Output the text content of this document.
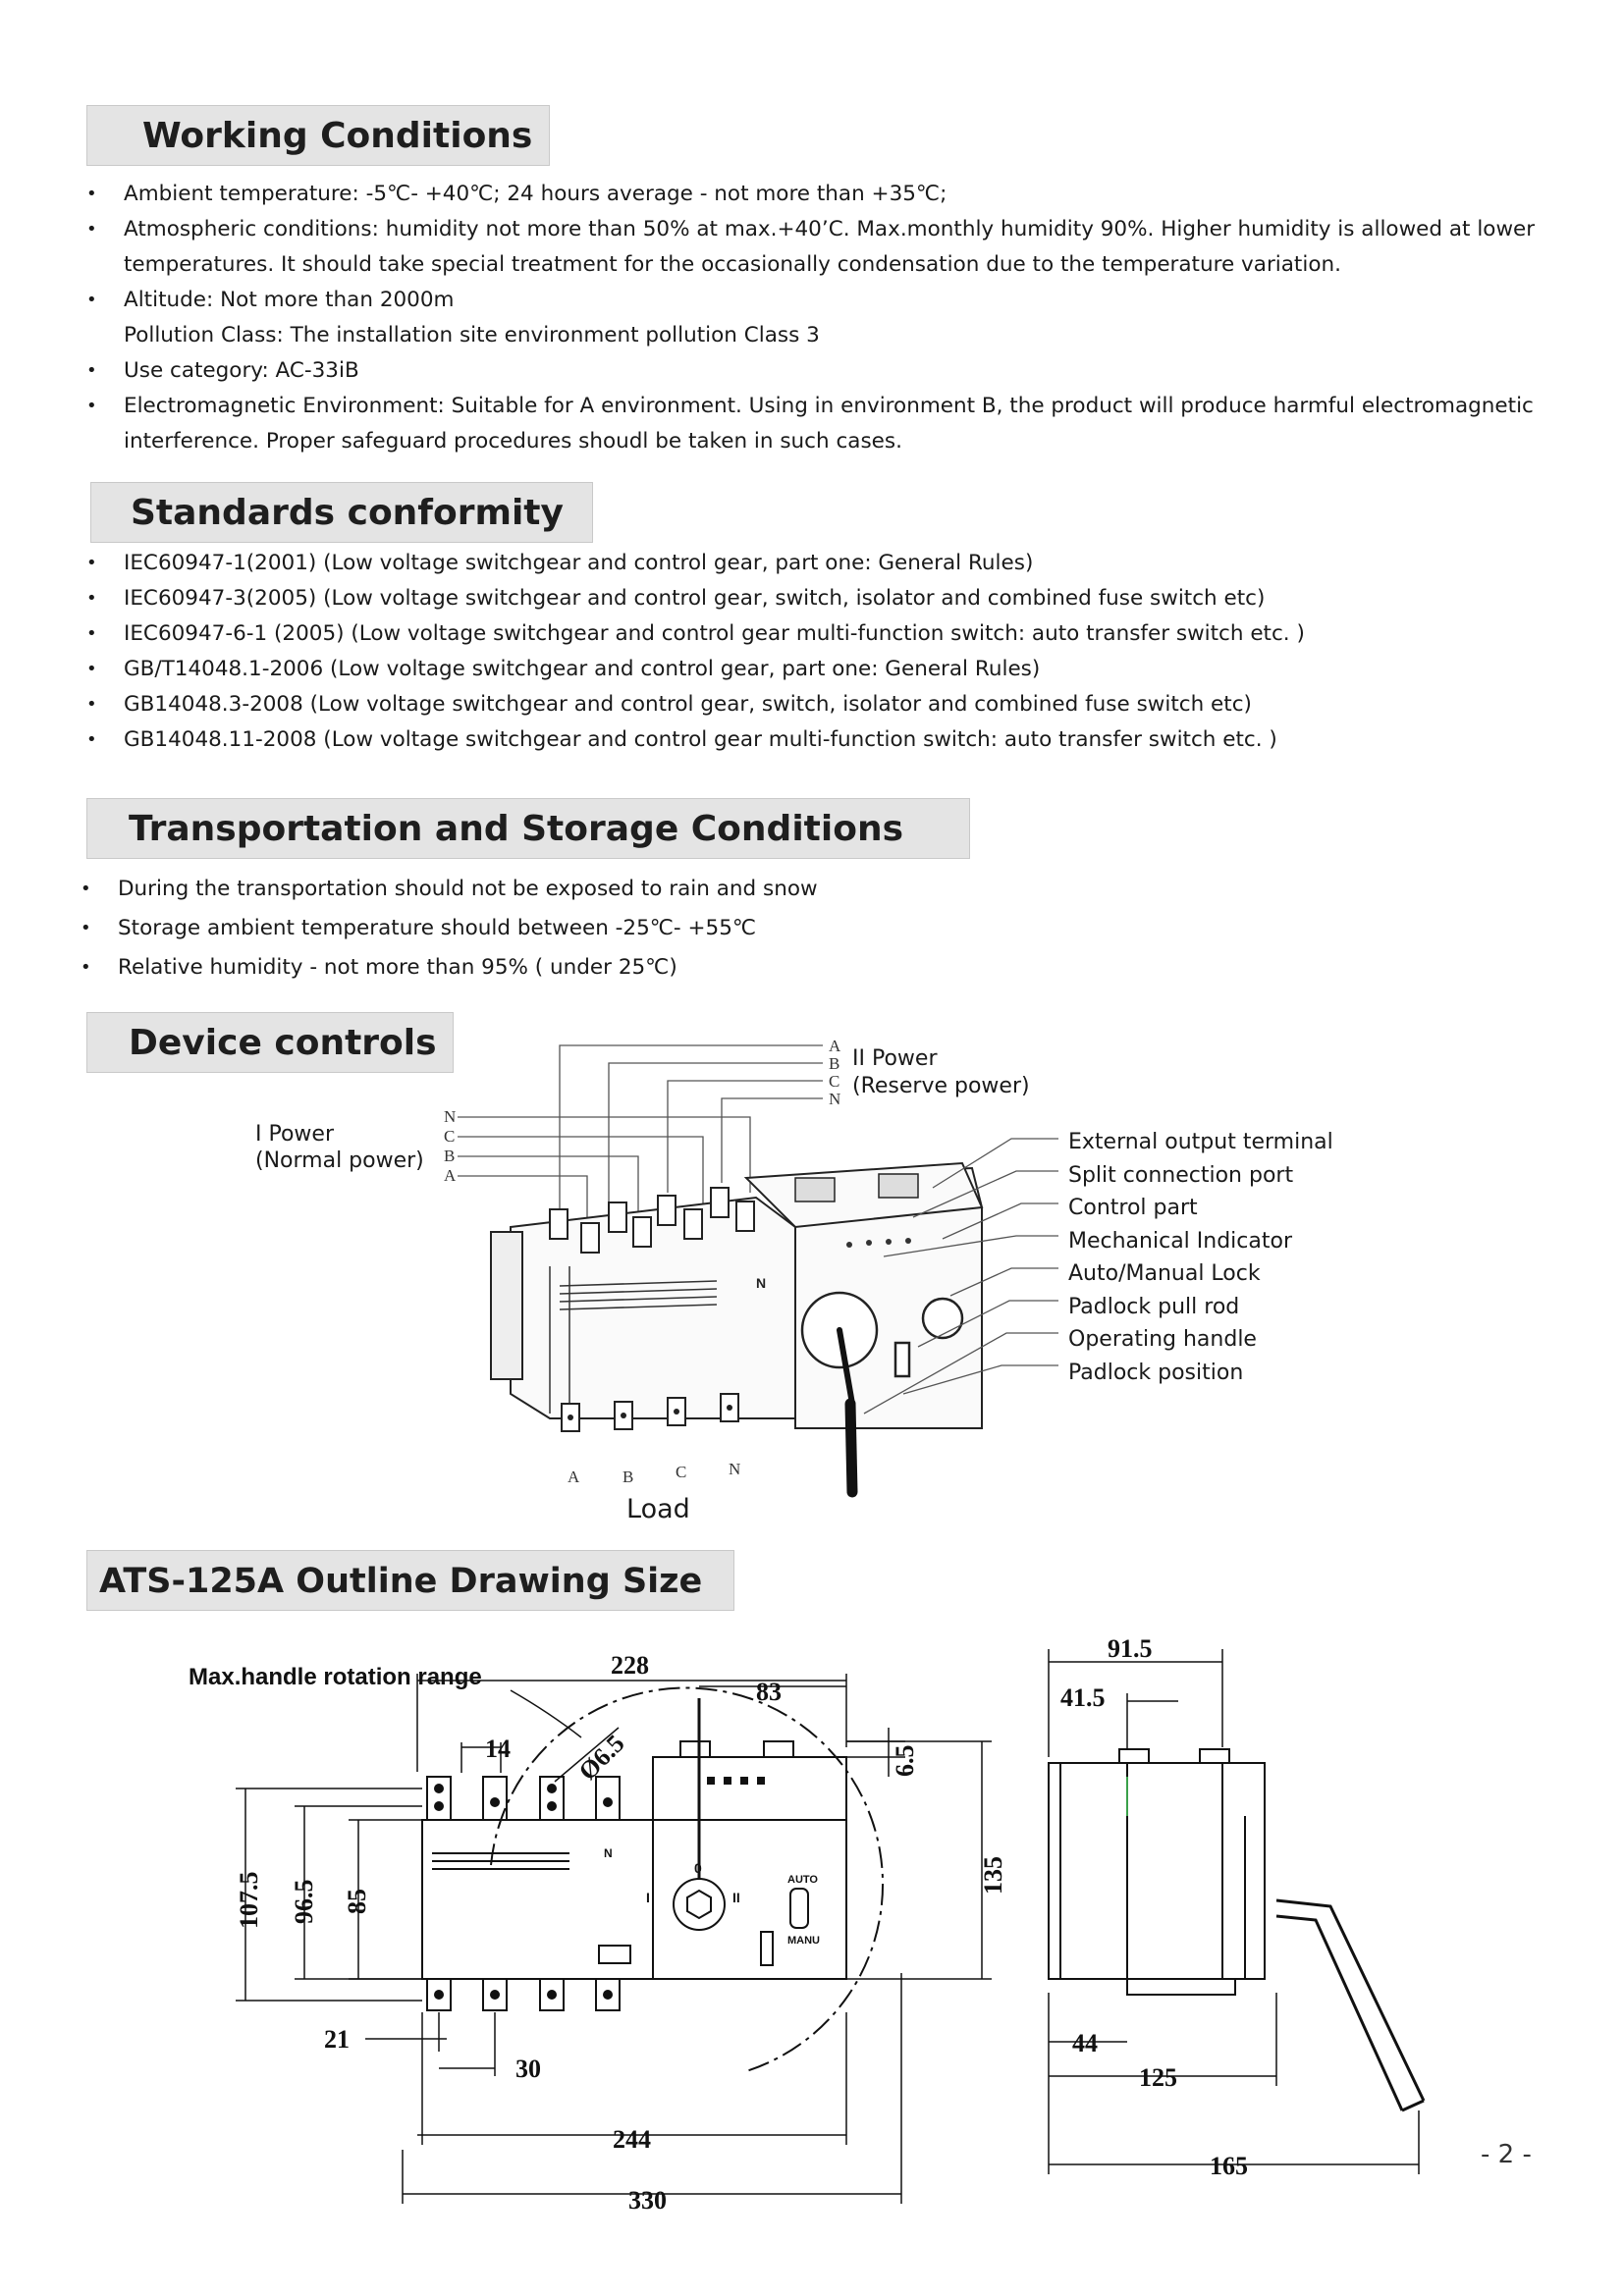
Working Conditions
• Ambient temperature: -5℃- +40℃; 24 hours average - not more than +35℃;
• Atmospheric conditions: humidity not more than 50% at max.+40’C. Max.monthly humidity 90%. Higher humidity is allowed at lower
temperatures. It should take special treatment for the occasionally condensation due to the temperature variation.
• Altitude: Not more than 2000m
Pollution Class: The installation site environment pollution Class 3
• Use category: AC-33iB
• Electromagnetic Environment: Suitable for A environment. Using in environment B, the product will produce harmful electromagnetic
interference. Proper safeguard procedures shoudl be taken in such cases.
Standards conformity
• IEC60947-1(2001) (Low voltage switchgear and control gear, part one: General Rules)
• IEC60947-3(2005) (Low voltage switchgear and control gear, switch, isolator and combined fuse switch etc)
• IEC60947-6-1 (2005) (Low voltage switchgear and control gear multi-function switch: auto transfer switch etc. )
• GB/T14048.1-2006 (Low voltage switchgear and control gear, part one: General Rules)
• GB14048.3-2008 (Low voltage switchgear and control gear, switch, isolator and combined fuse switch etc)
• GB14048.11-2008 (Low voltage switchgear and control gear multi-function switch: auto transfer switch etc. )
Transportation and Storage Conditions
• During the transportation should not be exposed to rain and snow
• Storage ambient temperature should between -25℃- +55℃
• Relative humidity - not more than 95% ( under 25℃)
Device controls	II Power
(Reserve power)
I Power
(Normal power)
Load
External output terminal
Split connection port
Control part
Mechanical Indicator
Auto/Manual Lock
Padlock pull rod
Operating handle
Padlock position
A
B
C
N
N
C
B
A
A	B	C	N
N
ATS-125A Outline Drawing Size
Max.handle rotation range	228
83
14 Ø6.5	6.5
135
107.5 96.5 85
21
30
244
330
I
0
II
AUTO
MANU
N
91.5
41.5
44
125
165	- 2 -
